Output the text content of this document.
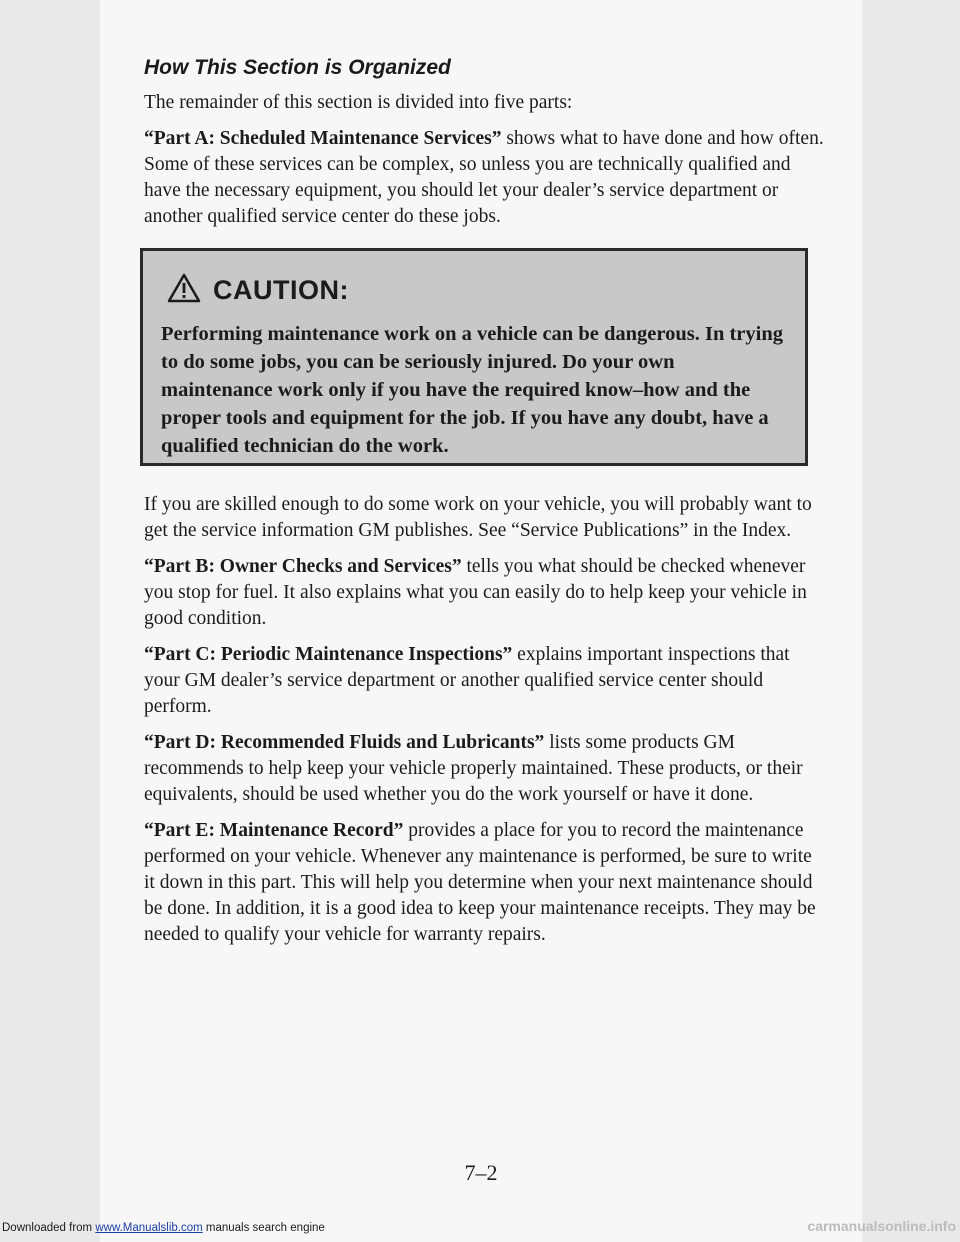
How This Section is Organized

The remainder of this section is divided into five parts:

“Part A: Scheduled Maintenance Services” shows what to have done and how often. Some of these services can be complex, so unless you are technically qualified and have the necessary equipment, you should let your dealer’s service department or another qualified service center do these jobs.

CAUTION:
Performing maintenance work on a vehicle can be dangerous. In trying to do some jobs, you can be seriously injured. Do your own maintenance work only if you have the required know–how and the proper tools and equipment for the job. If you have any doubt, have a qualified technician do the work.

If you are skilled enough to do some work on your vehicle, you will probably want to get the service information GM publishes. See “Service Publications” in the Index.

“Part B: Owner Checks and Services” tells you what should be checked whenever you stop for fuel. It also explains what you can easily do to help keep your vehicle in good condition.

“Part C: Periodic Maintenance Inspections” explains important inspections that your GM dealer’s service department or another qualified service center should perform.

“Part D: Recommended Fluids and Lubricants” lists some products GM recommends to help keep your vehicle properly maintained. These products, or their equivalents, should be used whether you do the work yourself or have it done.

“Part E: Maintenance Record” provides a place for you to record the maintenance performed on your vehicle. Whenever any maintenance is performed, be sure to write it down in this part. This will help you determine when your next maintenance should be done. In addition, it is a good idea to keep your maintenance receipts. They may be needed to qualify your vehicle for warranty repairs.

7–2
Downloaded from www.Manualslib.com manuals search engine	carmanualsonline.info
